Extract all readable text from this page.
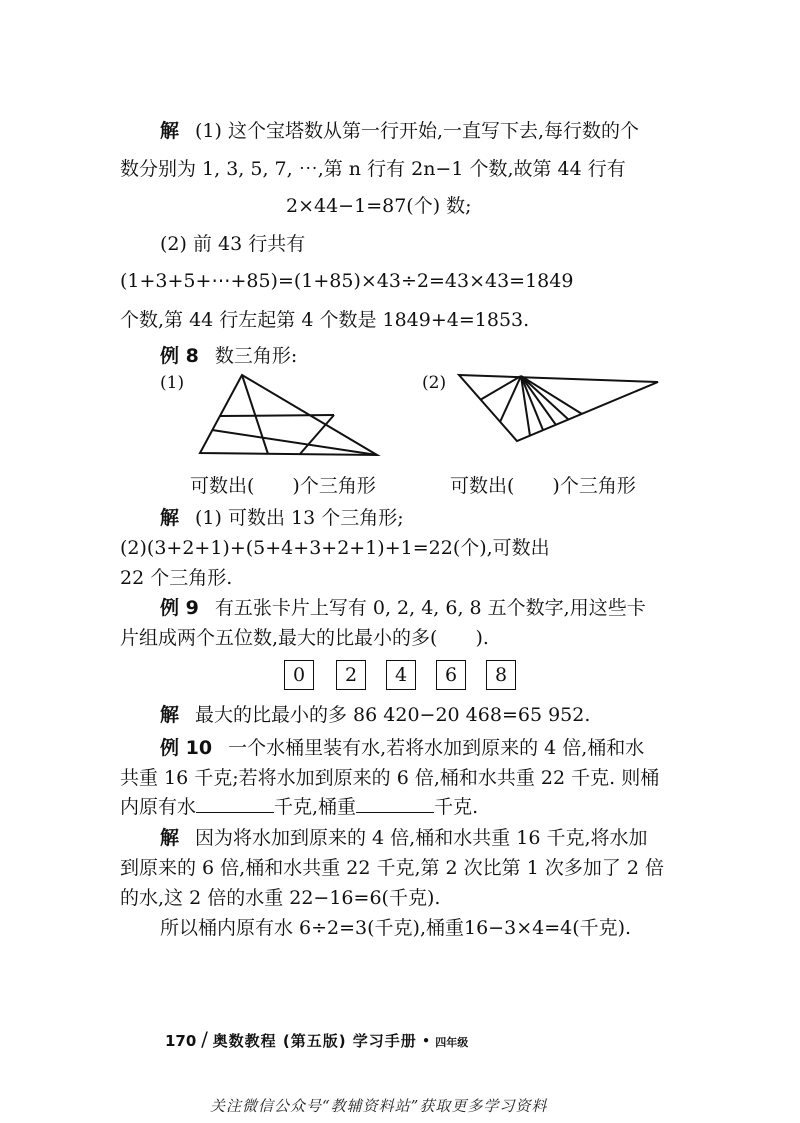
解 (1) 这个宝塔数从第一行开始,一直写下去,每行数的个
数分别为 1, 3, 5, 7, ⋯,第 n 行有 2n−1 个数,故第 44 行有
2×44−1=87(个) 数;
(2) 前 43 行共有
(1+3+5+⋯+85)=(1+85)×43÷2=43×43=1849
个数,第 44 行左起第 4 个数是 1849+4=1853.
例 8 数三角形:
(1)	(2)
可数出(　　)个三角形	可数出(　　)个三角形
解 (1) 可数出 13 个三角形;
(2)(3+2+1)+(5+4+3+2+1)+1=22(个),可数出
22 个三角形.
例 9 有五张卡片上写有 0, 2, 4, 6, 8 五个数字,用这些卡
片组成两个五位数,最大的比最小的多(　　).
0	2	4	6	8
解 最大的比最小的多 86 420−20 468=65 952.
例 10 一个水桶里装有水,若将水加到原来的 4 倍,桶和水
共重 16 千克;若将水加到原来的 6 倍,桶和水共重 22 千克. 则桶
内原有水	千克,桶重	千克.
解 因为将水加到原来的 4 倍,桶和水共重 16 千克,将水加
到原来的 6 倍,桶和水共重 22 千克,第 2 次比第 1 次多加了 2 倍
的水,这 2 倍的水重 22−16=6(千克).
所以桶内原有水 6÷2=3(千克),桶重16−3×4=4(千克).
170 / 奥数教程 (第五版) 学习手册 • 四年级
关注微信公众号“教辅资料站”获取更多学习资料
